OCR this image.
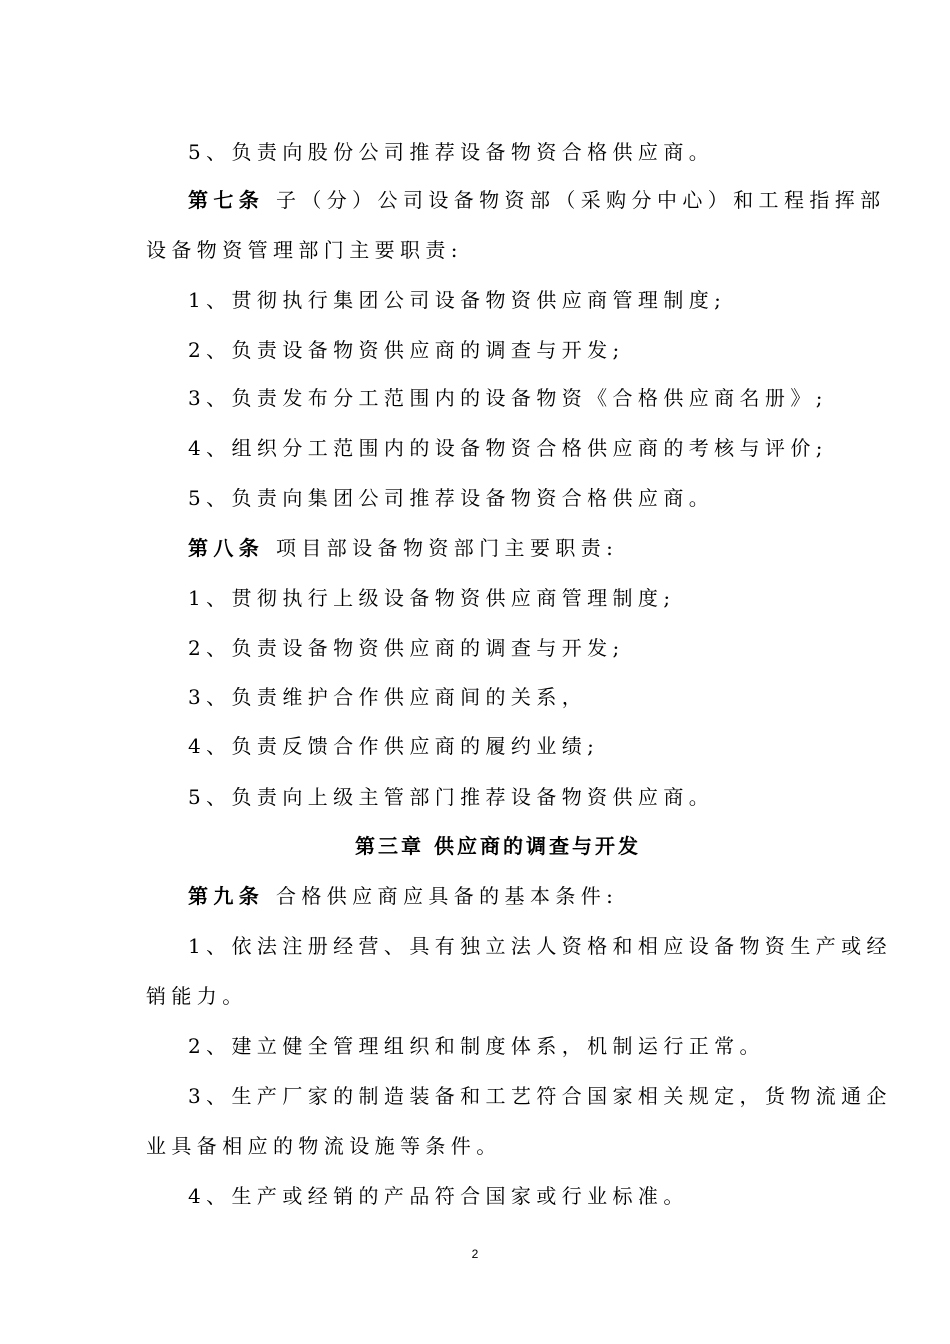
5、负责向股份公司推荐设备物资合格供应商。
第七条 子（分）公司设备物资部（采购分中心）和工程指挥部
设备物资管理部门主要职责:
1、贯彻执行集团公司设备物资供应商管理制度;
2、负责设备物资供应商的调查与开发;
3、负责发布分工范围内的设备物资《合格供应商名册》;
4、组织分工范围内的设备物资合格供应商的考核与评价;
5、负责向集团公司推荐设备物资合格供应商。
第八条 项目部设备物资部门主要职责:
1、贯彻执行上级设备物资供应商管理制度;
2、负责设备物资供应商的调查与开发;
3、负责维护合作供应商间的关系，
4、负责反馈合作供应商的履约业绩;
5、负责向上级主管部门推荐设备物资供应商。
第三章 供应商的调查与开发
第九条 合格供应商应具备的基本条件:
1、依法注册经营、具有独立法人资格和相应设备物资生产或经
销能力。
2、建立健全管理组织和制度体系，机制运行正常。
3、生产厂家的制造装备和工艺符合国家相关规定，货物流通企
业具备相应的物流设施等条件。
4、生产或经销的产品符合国家或行业标准。
2
